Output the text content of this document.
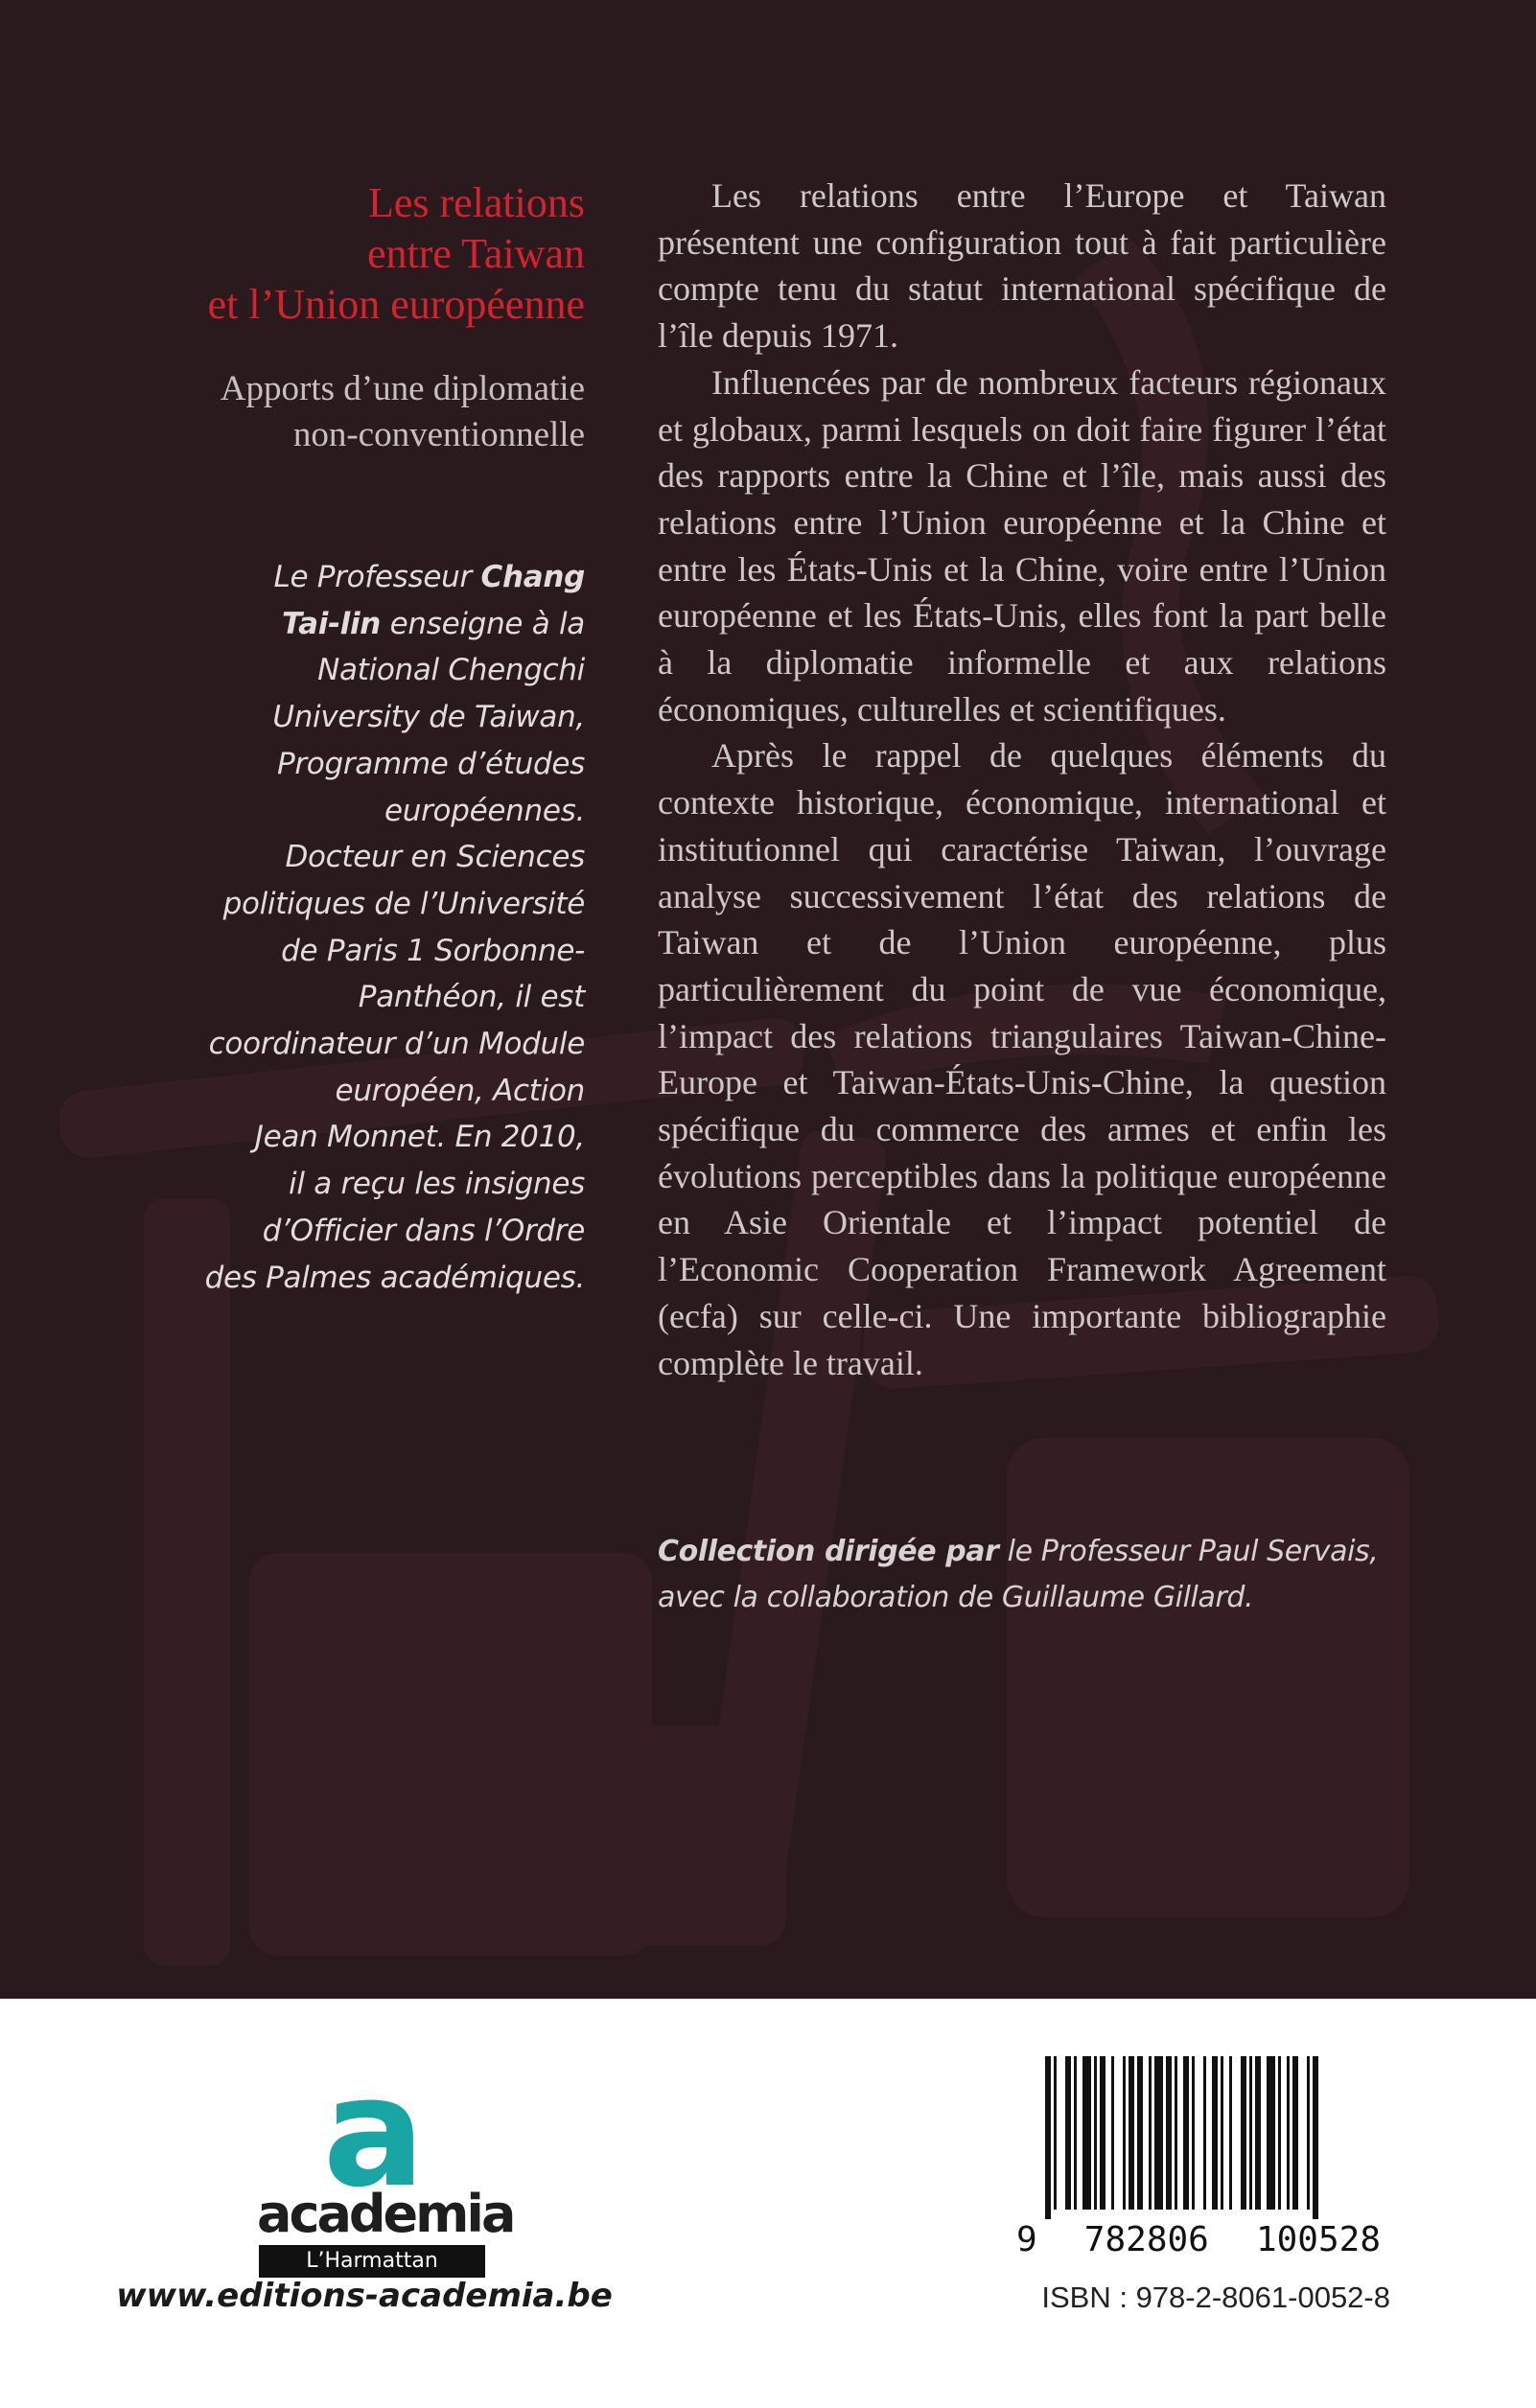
Les relations
entre Taiwan
et l’Union européenne
Apports d’une diplomatie
non-conventionnelle
Le Professeur Chang
Tai-lin enseigne à la
National Chengchi
University de Taiwan,
Programme d’études
européennes.
Docteur en Sciences
politiques de l’Université
de Paris 1 Sorbonne-
Panthéon, il est
coordinateur d’un Module
européen, Action
Jean Monnet. En 2010,
il a reçu les insignes
d’Officier dans l’Ordre
des Palmes académiques.

Les relations entre l’Europe et Taiwan présentent une configuration tout à fait particulière compte tenu du statut international spécifique de l’île depuis 1971.

Influencées par de nombreux facteurs régionaux et globaux, parmi lesquels on doit faire figurer l’état des rapports entre la Chine et l’île, mais aussi des relations entre l’Union européenne et la Chine et entre les États-Unis et la Chine, voire entre l’Union européenne et les États-Unis, elles font la part belle à la diplomatie informelle et aux relations économiques, culturelles et scientifiques.

Après le rappel de quelques éléments du contexte historique, économique, international et institutionnel qui caractérise Taiwan, l’ouvrage analyse successivement l’état des relations de Taiwan et de l’Union européenne, plus particulièrement du point de vue économique, l’impact des relations triangulaires Taiwan-Chine-Europe et Taiwan-États-Unis-Chine, la question spécifique du commerce des armes et enfin les évolutions perceptibles dans la politique européenne en Asie Orientale et l’impact potentiel de l’Economic Cooperation Framework Agreement (ecfa) sur celle-ci. Une importante bibliographie complète le travail.

Collection dirigée par le Professeur Paul Servais,
avec la collaboration de Guillaume Gillard.
a
academia
L’Harmattan
www.editions-academia.be
9 782806 100528
ISBN : 978-2-8061-0052-8
